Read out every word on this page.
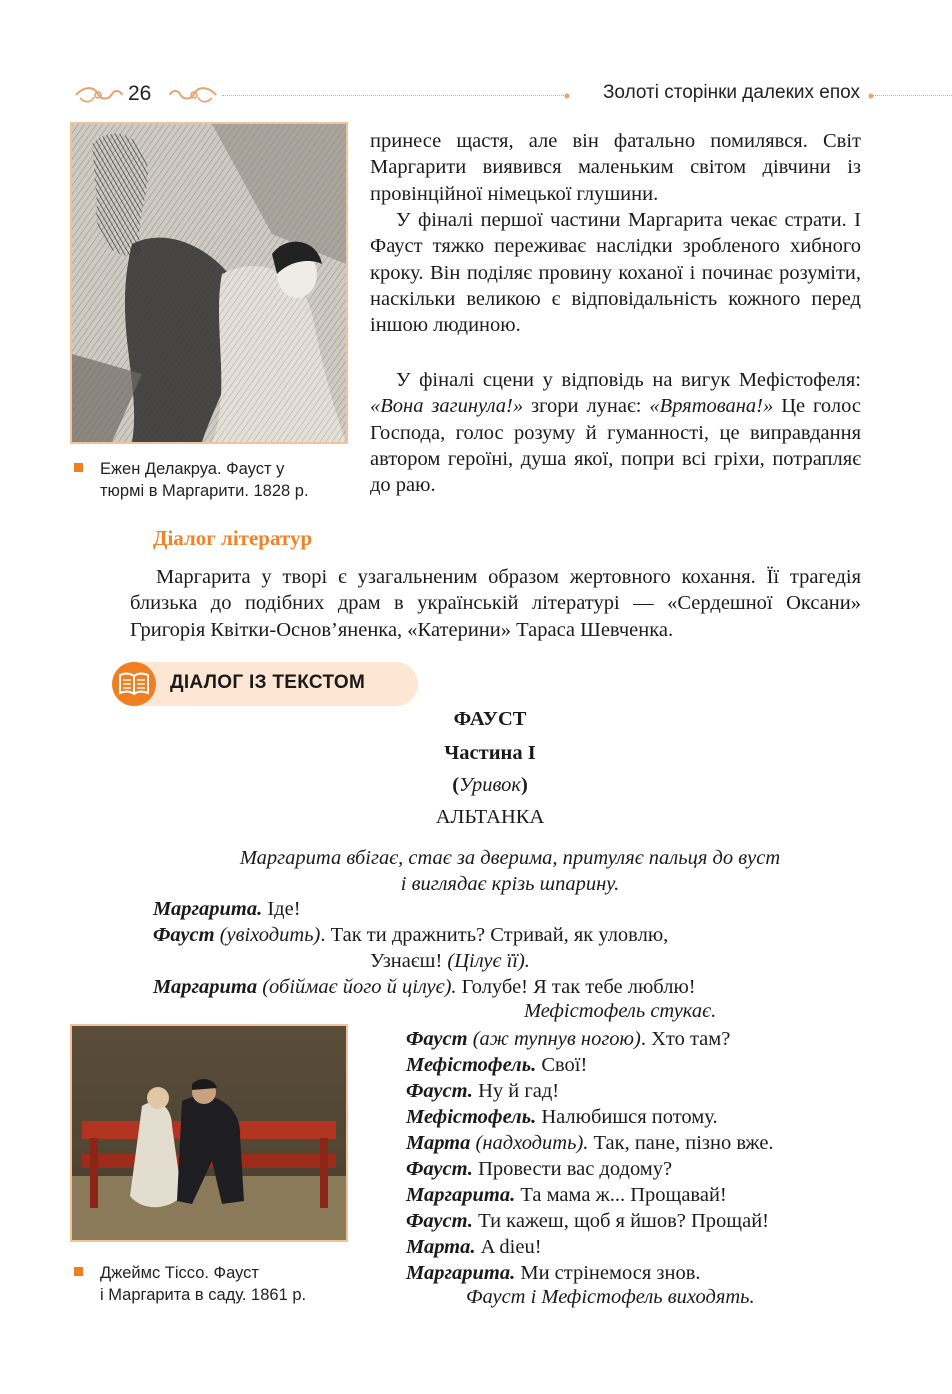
26	Золоті сторінки далеких епох
Ежен Делакруа. Фауст у
тюрмі в Маргарити. 1828 р.

принесе щастя, але він фатально помилявся. Світ Маргарити виявився маленьким світом дівчини із провінційної німецької глушини.

У фіналі першої частини Маргарита чекає страти. І Фауст тяжко переживає наслідки зробленого хибного кроку. Він поділяє провину коханої і починає розуміти, наскільки великою є відповідальність кожного перед іншою людиною.

У фіналі сцени у відповідь на вигук Мефістофеля: «Вона загинула!» згори лунає: «Врятована!» Це голос Господа, голос розуму й гуманності, це виправдання автором героїні, душа якої, попри всі гріхи, потрапляє до раю.

Діалог літератур

Маргарита у творі є узагальненим образом жертовного кохання. Її трагедія близька до подібних драм в українській літературі — «Сердешної Оксани» Григорія Квітки-Основ’яненка, «Катерини» Тараса Шевченка.

ДІАЛОГ ІЗ ТЕКСТОМ
ФАУСТ
Частина І
(Уривок)
АЛЬТАНКА
Маргарита вбігає, стає за дверима, притуляє пальця до вуст
і виглядає крізь шпарину.
Маргарита. Іде!
Фауст (увіходить). Так ти дражнить? Стривай, як уловлю,
Узнаєш! (Цілує її).
Маргарита (обіймає його й цілує). Голубе! Я так тебе люблю!
Мефістофель стукає.
Джеймс Тіссо. Фауст
і Маргарита в саду. 1861 р.
Фауст (аж тупнув ногою). Хто там?
Мефістофель. Свої!
Фауст. Ну й гад!
Мефістофель. Налюбишся потому.
Марта (надходить). Так, пане, пізно вже.
Фауст. Провести вас додому?
Маргарита. Та мама ж... Прощавай!
Фауст. Ти кажеш, щоб я йшов? Прощай!
Марта. A dieu!
Маргарита. Ми стрінемося знов.
Фауст і Мефістофель виходять.
